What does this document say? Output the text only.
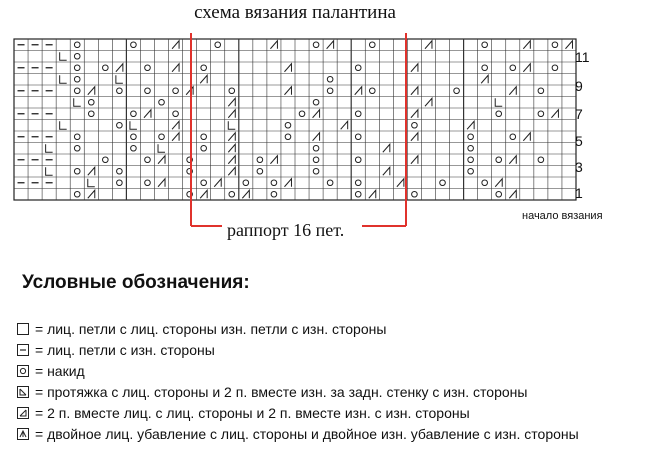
схема вязания палантина
11
9
7
5
3
1
начало вязания
раппорт 16 пет.
Условные обозначения:
= лиц. петли с лиц. стороны изн. петли с изн. стороны
= лиц. петли с изн. стороны
= накид
= протяжка с лиц. стороны и 2 п. вместе изн. за задн. стенку с изн. стороны
= 2 п. вместе лиц. с лиц. стороны и 2 п. вместе изн. с изн. стороны
= двойное лиц. убавление с лиц. стороны и двойное изн. убавление с изн. стороны
